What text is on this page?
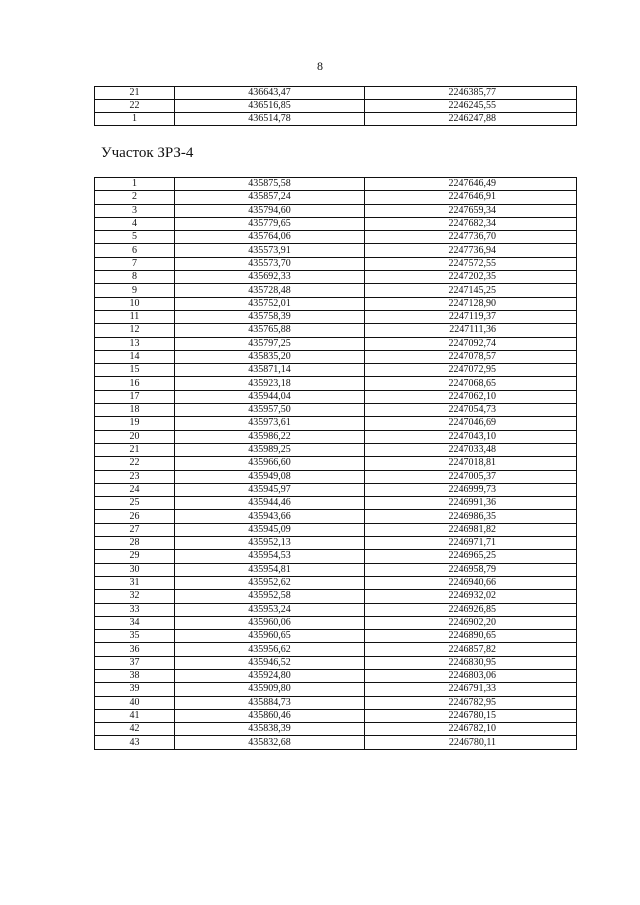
8
21	436643,47	2246385,77
22	436516,85	2246245,55
1	436514,78	2246247,88
Участок ЗРЗ-4
1	435875,58	2247646,49
2	435857,24	2247646,91
3	435794,60	2247659,34
4	435779,65	2247682,34
5	435764,06	2247736,70
6	435573,91	2247736,94
7	435573,70	2247572,55
8	435692,33	2247202,35
9	435728,48	2247145,25
10	435752,01	2247128,90
11	435758,39	2247119,37
12	435765,88	2247111,36
13	435797,25	2247092,74
14	435835,20	2247078,57
15	435871,14	2247072,95
16	435923,18	2247068,65
17	435944,04	2247062,10
18	435957,50	2247054,73
19	435973,61	2247046,69
20	435986,22	2247043,10
21	435989,25	2247033,48
22	435966,60	2247018,81
23	435949,08	2247005,37
24	435945,97	2246999,73
25	435944,46	2246991,36
26	435943,66	2246986,35
27	435945,09	2246981,82
28	435952,13	2246971,71
29	435954,53	2246965,25
30	435954,81	2246958,79
31	435952,62	2246940,66
32	435952,58	2246932,02
33	435953,24	2246926,85
34	435960,06	2246902,20
35	435960,65	2246890,65
36	435956,62	2246857,82
37	435946,52	2246830,95
38	435924,80	2246803,06
39	435909,80	2246791,33
40	435884,73	2246782,95
41	435860,46	2246780,15
42	435838,39	2246782,10
43	435832,68	2246780,11
